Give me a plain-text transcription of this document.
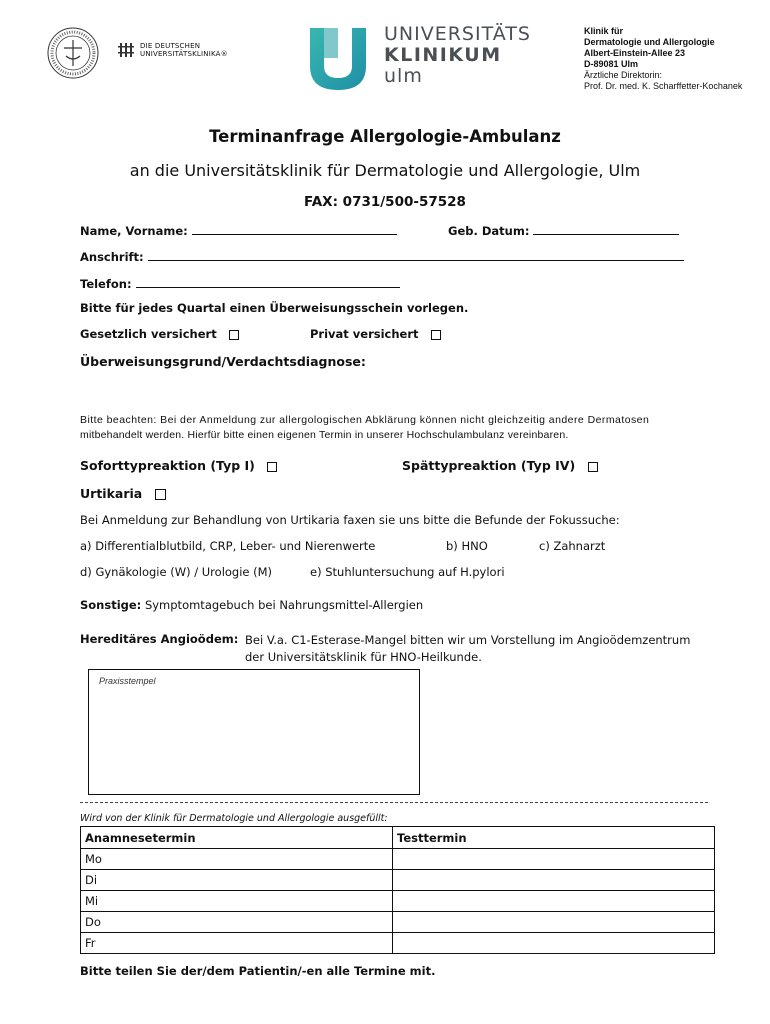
DIE DEUTSCHEN
UNIVERSITÄTSKLINIKA®
UNIVERSITÄTS
KLINIKUM
ulm
Klinik für
Dermatologie und Allergologie
Albert-Einstein-Allee 23
D-89081 Ulm
Ärztliche Direktorin:
Prof. Dr. med. K. Scharffetter-Kochanek
Terminanfrage Allergologie-Ambulanz
an die Universitätsklinik für Dermatologie und Allergologie, Ulm
FAX: 0731/500-57528
Name, Vorname:	Geb. Datum:
Anschrift:
Telefon:
Bitte für jedes Quartal einen Überweisungsschein vorlegen.
Gesetzlich versichert	Privat versichert
Überweisungsgrund/Verdachtsdiagnose:
Bitte beachten: Bei der Anmeldung zur allergologischen Abklärung können nicht gleichzeitig andere Dermatosen
mitbehandelt werden. Hierfür bitte einen eigenen Termin in unserer Hochschulambulanz vereinbaren.
Soforttypreaktion (Typ I)	Spättypreaktion (Typ IV)
Urtikaria
Bei Anmeldung zur Behandlung von Urtikaria faxen sie uns bitte die Befunde der Fokussuche:
a) Differentialblutbild, CRP, Leber- und Nierenwerte	b) HNO	c) Zahnarzt
d) Gynäkologie (W) / Urologie (M)	e) Stuhluntersuchung auf H.pylori
Sonstige: Symptomtagebuch bei Nahrungsmittel-Allergien
Hereditäres Angioödem: Bei V.a. C1-Esterase-Mangel bitten wir um Vorstellung im Angioödemzentrum
der Universitätsklinik für HNO-Heilkunde.
Praxisstempel
Wird von der Klinik für Dermatologie und Allergologie ausgefüllt:
Anamnesetermin	Testtermin
Mo	
Di	
Mi	
Do	
Fr	
Bitte teilen Sie der/dem Patientin/-en alle Termine mit.
